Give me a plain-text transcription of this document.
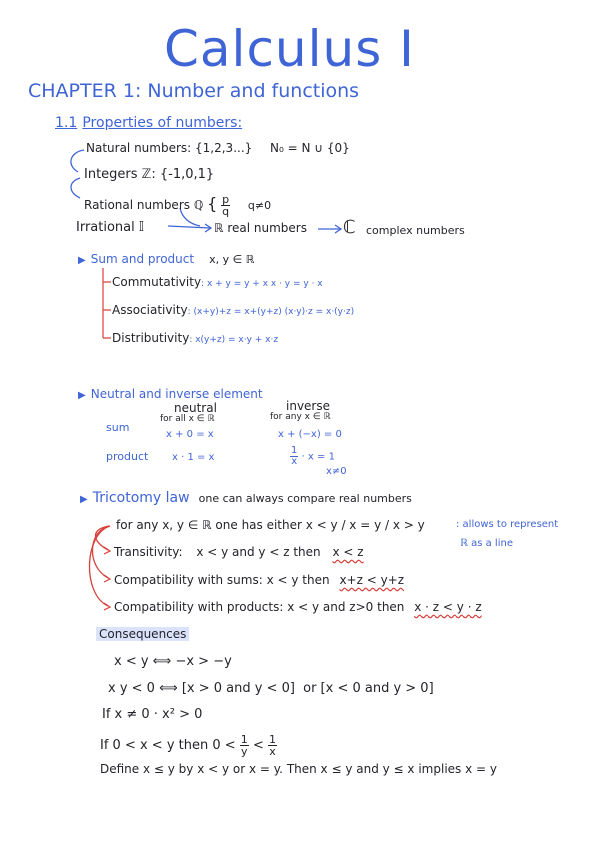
Calculus I
CHAPTER 1: Number and functions
1.1 Properties of numbers:
Natural numbers: {1,2,3...} N₀ = N ∪ {0}
Integers ℤ: {-1,0,1}
Rational numbers ℚ { $\frac{p}{q} q\ne 0$
Irrational 𝕀	ℝ real numbers ℂ complex numbers
▶ Sum and product x, y ∈ ℝ
Commutativity: x + y = y + x x · y = y · x
Associativity: (x+y)+z = x+(y+z) (x·y)·z = x·(y·z)
Distributivity: x(y+z) = x·y + x·z
▶ Neutral and inverse element
neutral
for all x ∈ ℝ
inverse
for any x ∈ ℝ
sum
x + 0 = x	x + (−x) = 0
product x · 1 = x	$\frac{1}{x} \cdot x = 1$
x≠0
▶ Tricotomy law one can always compare real numbers
for any x, y ∈ ℝ one has either x < y / x = y / x > y	: allows to represent
ℝ as a line
Transitivity: x < y and y < z then x < z
Compatibility with sums: x < y then x+z < y+z
Compatibility with products: x < y and z>0 then x · z < y · z
Consequences
x < y ⟺ −x > −y
x y < 0 ⟺ [x > 0 and y < 0] or [x < 0 and y > 0]
If x ≠ 0 · x² > 0
If 0 < x < y then $0 < \frac{1}{y} < \frac{1}{x}$
Define x ≤ y by x < y or x = y. Then x ≤ y and y ≤ x implies x = y
